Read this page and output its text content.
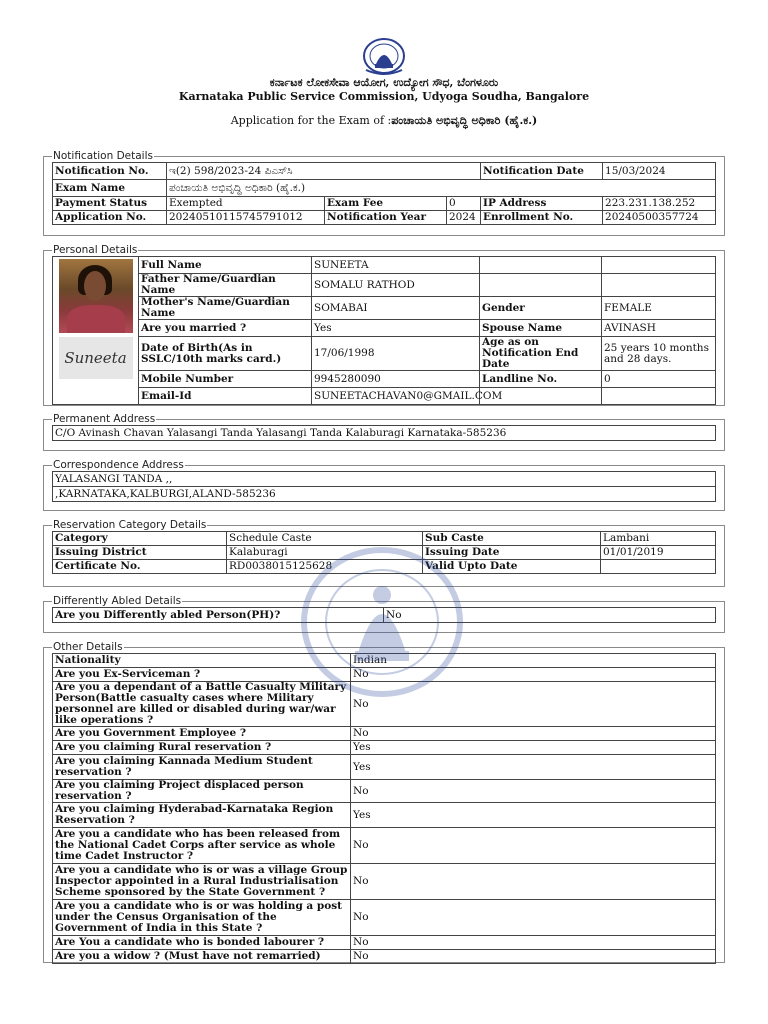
ಕರ್ನಾಟಕ ಲೋಕಸೇವಾ ಆಯೋಗ, ಉದ್ಯೋಗ ಸೌಧ, ಬೆಂಗಳೂರು
Karnataka Public Service Commission, Udyoga Soudha, Bangalore
Application for the Exam of :ಪಂಚಾಯತಿ ಅಭಿವೃದ್ಧಿ ಅಧಿಕಾರಿ (ಹೈ.ಕ.)
Notification Details
Notification No.	ಇ(2) 598/2023-24 ಪಿಎಸ್‌ಸಿ			Notification Date	15/03/2024
Exam Name	ಪಂಚಾಯತಿ ಅಭಿವೃದ್ಧಿ ಅಧಿಕಾರಿ (ಹೈ.ಕ.)				
Payment Status	Exempted	Exam Fee	0	IP Address	223.231.138.252
Application No.	20240510115745791012	Notification Year	2024	Enrollment No.	20240500357724
Personal Details
Suneeta	Full Name	SUNEETA		
	Father Name/Guardian Name	SOMALU RATHOD		
	Mother's Name/Guardian Name	SOMABAI	Gender	FEMALE
	Are you married ?	Yes	Spouse Name	AVINASH
	Date of Birth(As in SSLC/10th marks card.)	17/06/1998	Age as on Notification End Date	25 years 10 months and 28 days.
	Mobile Number	9945280090	Landline No.	0
	Email-Id	SUNEETACHAVAN0@GMAIL.COM		
Permanent Address
C/O Avinash Chavan Yalasangi Tanda Yalasangi Tanda Kalaburagi Karnataka-585236
Correspondence Address
YALASANGI TANDA ,,
,KARNATAKA,KALBURGI,ALAND-585236
Reservation Category Details
Category	Schedule Caste	Sub Caste	Lambani
Issuing District	Kalaburagi	Issuing Date	01/01/2019
Certificate No.	RD0038015125628	Valid Upto Date	
Differently Abled Details
Are you Differently abled Person(PH)?	No
Other Details
Nationality	Indian
Are you Ex-Serviceman ?	No
Are you a dependant of a Battle Casualty Military Person(Battle casualty cases where Military personnel are killed or disabled during war/war like operations ?	No
Are you Government Employee ?	No
Are you claiming Rural reservation ?	Yes
Are you claiming Kannada Medium Student reservation ?	Yes
Are you claiming Project displaced person reservation ?	No
Are you claiming Hyderabad-Karnataka Region Reservation ?	Yes
Are you a candidate who has been released from the National Cadet Corps after service as whole time Cadet Instructor ?	No
Are you a candidate who is or was a village Group Inspector appointed in a Rural Industrialisation Scheme sponsored by the State Government ?	No
Are you a candidate who is or was holding a post under the Census Organisation of the Government of India in this State ?	No
Are You a candidate who is bonded labourer ?	No
Are you a widow ? (Must have not remarried)	No
